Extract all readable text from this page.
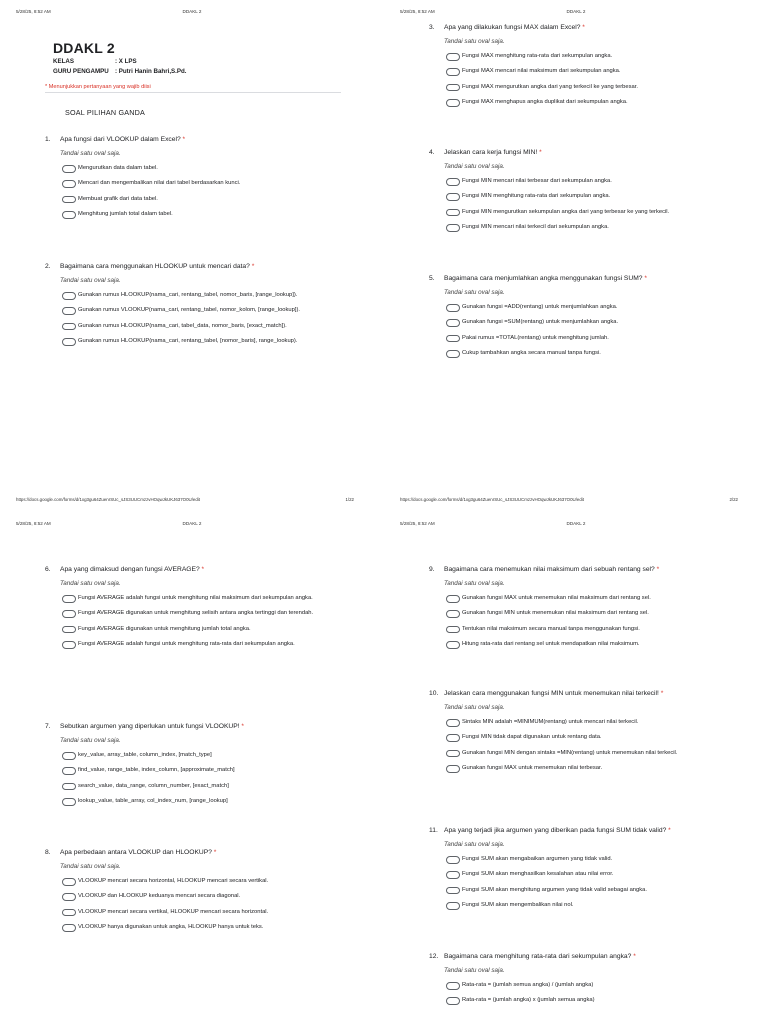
5/28/25, 8:52 AM	DDAKL 2
DDAKL 2
KELAS	: X LPS
GURU PENGAMPU : Putri Hanin Bahri,S.Pd.
* Menunjukkan pertanyaan yang wajib diisi
SOAL PILIHAN GANDA
1. Apa fungsi dari VLOOKUP dalam Excel? *
Tandai satu oval saja.
Mengurutkan data dalam tabel.
Mencari dan mengembalikan nilai dari tabel berdasarkan kunci.
Membuat grafik dari data tabel.
Menghitung jumlah total dalam tabel.
2. Bagaimana cara menggunakan HLOOKUP untuk mencari data? *
Tandai satu oval saja.
Gunakan rumus HLOOKUP(nama_cari, rentang_tabel, nomor_baris, [range_lookup]).
Gunakan rumus VLOOKUP(nama_cari, rentang_tabel, nomor_kolom, [range_lookup]).
Gunakan rumus HLOOKUP(nama_cari, tabel_data, nomor_baris, [exact_match]).
Gunakan rumus HLOOKUP(nama_cari, rentang_tabel, [nomor_baris], range_lookup).
https://docs.google.com/forms/d/1xg3gu64ZuenrSUc_sJS3UUCmzzvHOqwJkUKJ637O0U/edit	1/22
5/28/25, 8:52 AM	DDAKL 2
3. Apa yang dilakukan fungsi MAX dalam Excel? *
Tandai satu oval saja.
Fungsi MAX menghitung rata-rata dari sekumpulan angka.
Fungsi MAX mencari nilai maksimum dari sekumpulan angka.
Fungsi MAX mengurutkan angka dari yang terkecil ke yang terbesar.
Fungsi MAX menghapus angka duplikat dari sekumpulan angka.
4. Jelaskan cara kerja fungsi MIN! *
Tandai satu oval saja.
Fungsi MIN mencari nilai terbesar dari sekumpulan angka.
Fungsi MIN menghitung rata-rata dari sekumpulan angka.
Fungsi MIN mengurutkan sekumpulan angka dari yang terbesar ke yang terkecil.
Fungsi MIN mencari nilai terkecil dari sekumpulan angka.
5. Bagaimana cara menjumlahkan angka menggunakan fungsi SUM? *
Tandai satu oval saja.
Gunakan fungsi =ADD(rentang) untuk menjumlahkan angka.
Gunakan fungsi =SUM(rentang) untuk menjumlahkan angka.
Pakai rumus =TOTAL(rentang) untuk menghitung jumlah.
Cukup tambahkan angka secara manual tanpa fungsi.
https://docs.google.com/forms/d/1xg3gu64ZuenrSUc_sJS3UUCmzzvHOqwJkUKJ637O0U/edit	2/22
5/28/25, 8:52 AM	DDAKL 2
6. Apa yang dimaksud dengan fungsi AVERAGE? *
Tandai satu oval saja.
Fungsi AVERAGE adalah fungsi untuk menghitung nilai maksimum dari sekumpulan angka.
Fungsi AVERAGE digunakan untuk menghitung selisih antara angka tertinggi dan terendah.
Fungsi AVERAGE digunakan untuk menghitung jumlah total angka.
Fungsi AVERAGE adalah fungsi untuk menghitung rata-rata dari sekumpulan angka.
7. Sebutkan argumen yang diperlukan untuk fungsi VLOOKUP! *
Tandai satu oval saja.
key_value, array_table, column_index, [match_type]
find_value, range_table, index_column, [approximate_match]
search_value, data_range, column_number, [exact_match]
lookup_value, table_array, col_index_num, [range_lookup]
8. Apa perbedaan antara VLOOKUP dan HLOOKUP? *
Tandai satu oval saja.
VLOOKUP mencari secara horizontal, HLOOKUP mencari secara vertikal.
VLOOKUP dan HLOOKUP keduanya mencari secara diagonal.
VLOOKUP mencari secara vertikal, HLOOKUP mencari secara horizontal.
VLOOKUP hanya digunakan untuk angka, HLOOKUP hanya untuk teks.
5/28/25, 8:52 AM	DDAKL 2
9. Bagaimana cara menemukan nilai maksimum dari sebuah rentang sel? *
Tandai satu oval saja.
Gunakan fungsi MAX untuk menemukan nilai maksimum dari rentang sel.
Gunakan fungsi MIN untuk menemukan nilai maksimum dari rentang sel.
Tentukan nilai maksimum secara manual tanpa menggunakan fungsi.
Hitung rata-rata dari rentang sel untuk mendapatkan nilai maksimum.
10. Jelaskan cara menggunakan fungsi MIN untuk menemukan nilai terkecil! *
Tandai satu oval saja.
Sintaks MIN adalah =MINIMUM(rentang) untuk mencari nilai terkecil.
Fungsi MIN tidak dapat digunakan untuk rentang data.
Gunakan fungsi MIN dengan sintaks =MIN(rentang) untuk menemukan nilai terkecil.
Gunakan fungsi MAX untuk menemukan nilai terbesar.
11. Apa yang terjadi jika argumen yang diberikan pada fungsi SUM tidak valid? *
Tandai satu oval saja.
Fungsi SUM akan mengabaikan argumen yang tidak valid.
Fungsi SUM akan menghasilkan kesalahan atau nilai error.
Fungsi SUM akan menghitung argumen yang tidak valid sebagai angka.
Fungsi SUM akan mengembalikan nilai nol.
12. Bagaimana cara menghitung rata-rata dari sekumpulan angka? *
Tandai satu oval saja.
Rata-rata = (jumlah semua angka) / (jumlah angka)
Rata-rata = (jumlah angka) x (jumlah semua angka)
